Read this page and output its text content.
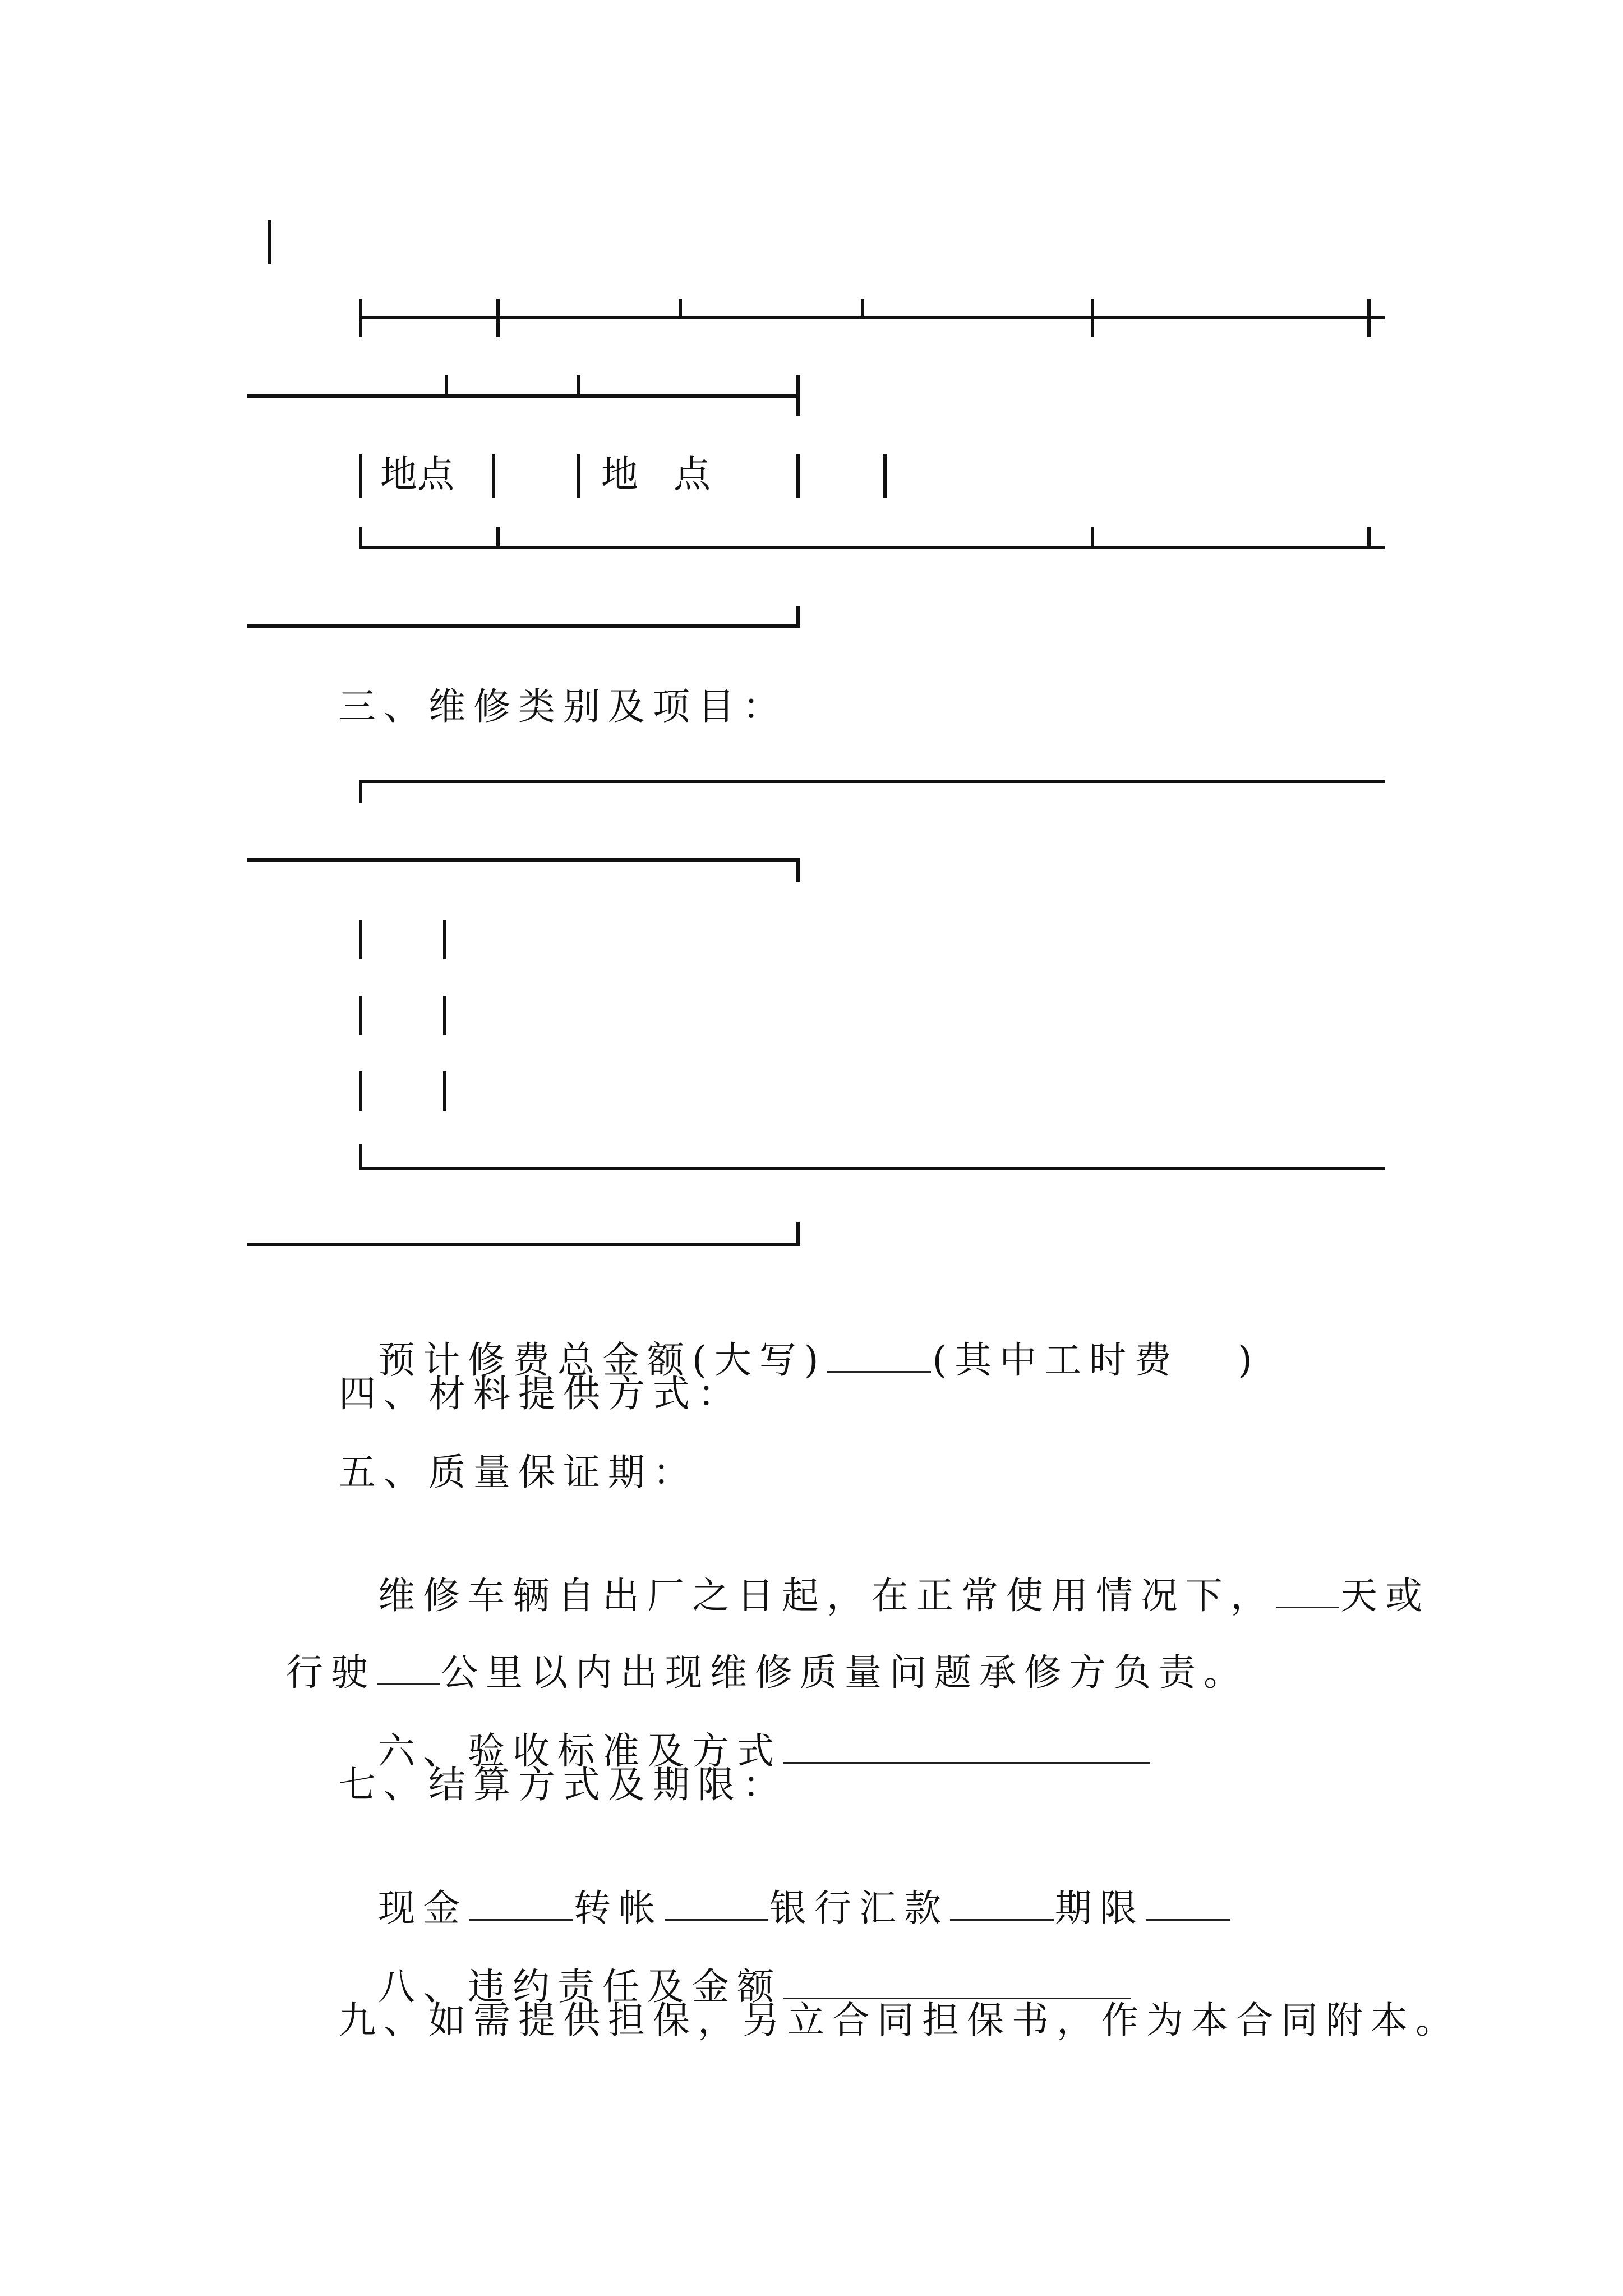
地点	地   点
三、维修类别及项目：

预计修费总金额(大写)	(其中工时费 )

四、材料提供方式：
五、质量保证期：

维修车辆自出厂之日起，在正常使用情况下， 天或

行驶 公里以内出现维修质量问题承修方负责。

六、验收标准及方式

七、结算方式及期限：

现金	转帐	银行汇款	期限

八、违约责任及金额

九、如需提供担保，另立合同担保书，作为本合同附本。
